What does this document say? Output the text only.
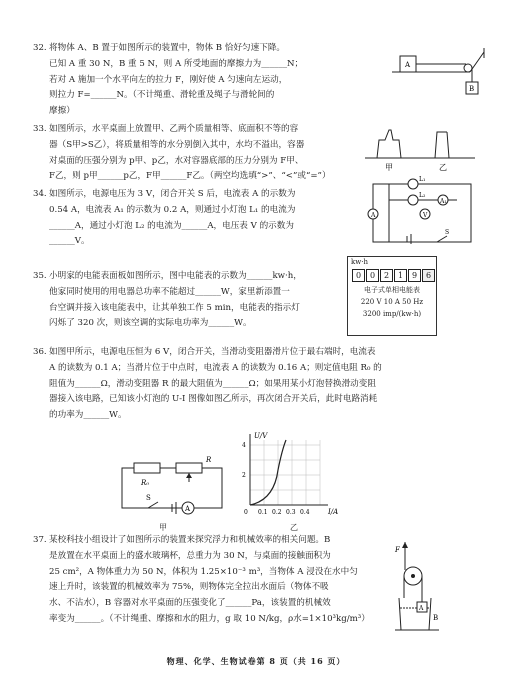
32. 将物体 A、B 置于如图所示的装置中，物体 B 恰好匀速下降。

已知 A 重 30 N，B 重 5 N，则 A 所受地面的摩擦力为______N；

若对 A 施加一个水平向左的拉力 F，刚好使 A 匀速向左运动，

则拉力 F=______N。（不计绳重、滑轮重及绳子与滑轮间的

摩擦）

A
B

33. 如图所示，水平桌面上放置甲、乙两个质量相等、底面积不等的容

器（S甲>S乙），将质量相等的水分别倒入其中，水均不溢出，容器

对桌面的压强分别为 p甲、p乙，水对容器底部的压力分别为 F甲、

F乙，则 p甲______p乙，F甲______F乙。（两空均选填“>”、“<”或“=”）

甲	乙

34. 如图所示，电源电压为 3 V，闭合开关 S 后，电流表 A 的示数为

0.54 A，电流表 A₁ 的示数为 0.2 A，则通过小灯泡 L₁ 的电流为

______A，通过小灯泡 L₂ 的电流为______A，电压表 V 的示数为

______V。

L₁
L₂
A₁
V
A
S

35. 小明家的电能表面板如图所示，图中电能表的示数为______kw·h，

他家同时使用的用电器总功率不能超过______W，家里新添置一

台空调并接入该电能表中，让其单独工作 5 min，电能表的指示灯

闪烁了 320 次，则该空调的实际电功率为______W。

kw·h
0	0	2	1	9	6
电子式单相电能表
220 V 10 A 50 Hz
3200 imp/(kw·h)

36. 如图甲所示，电源电压恒为 6 V，闭合开关，当滑动变阻器滑片位于最右端时，电流表

A 的读数为 0.1 A；当滑片位于中点时，电流表 A 的读数为 0.16 A；则定值电阻 R₀ 的

阻值为______Ω，滑动变阻器 R 的最大阻值为______Ω；如果用某小灯泡替换滑动变阻

器接入该电路，已知该小灯泡的 U-I 图像如图乙所示，再次闭合开关后，此时电路消耗

的功率为______W。

R₀
R
S
A
甲
U/V
I/A
0 0.1 0.2 0.3 0.4
2
4
乙

37. 某校科技小组设计了如图所示的装置来探究浮力和机械效率的相关问题。B

是放置在水平桌面上的盛水玻璃杯，总重力为 30 N，与桌面的接触面积为

25 cm²，A 物体重力为 50 N，体积为 1.25×10⁻³ m³，当物体 A 浸没在水中匀

速上升时，该装置的机械效率为 75%，则物体完全拉出水面后（物体不吸

水、不沾水），B 容器对水平桌面的压强变化了______Pa，该装置的机械效

率变为______。（不计绳重、摩擦和水的阻力，g 取 10 N/kg，ρ水=1×10³kg/m³）

F
A
B
物理、化学、生物试卷第 8 页（共 16 页）
